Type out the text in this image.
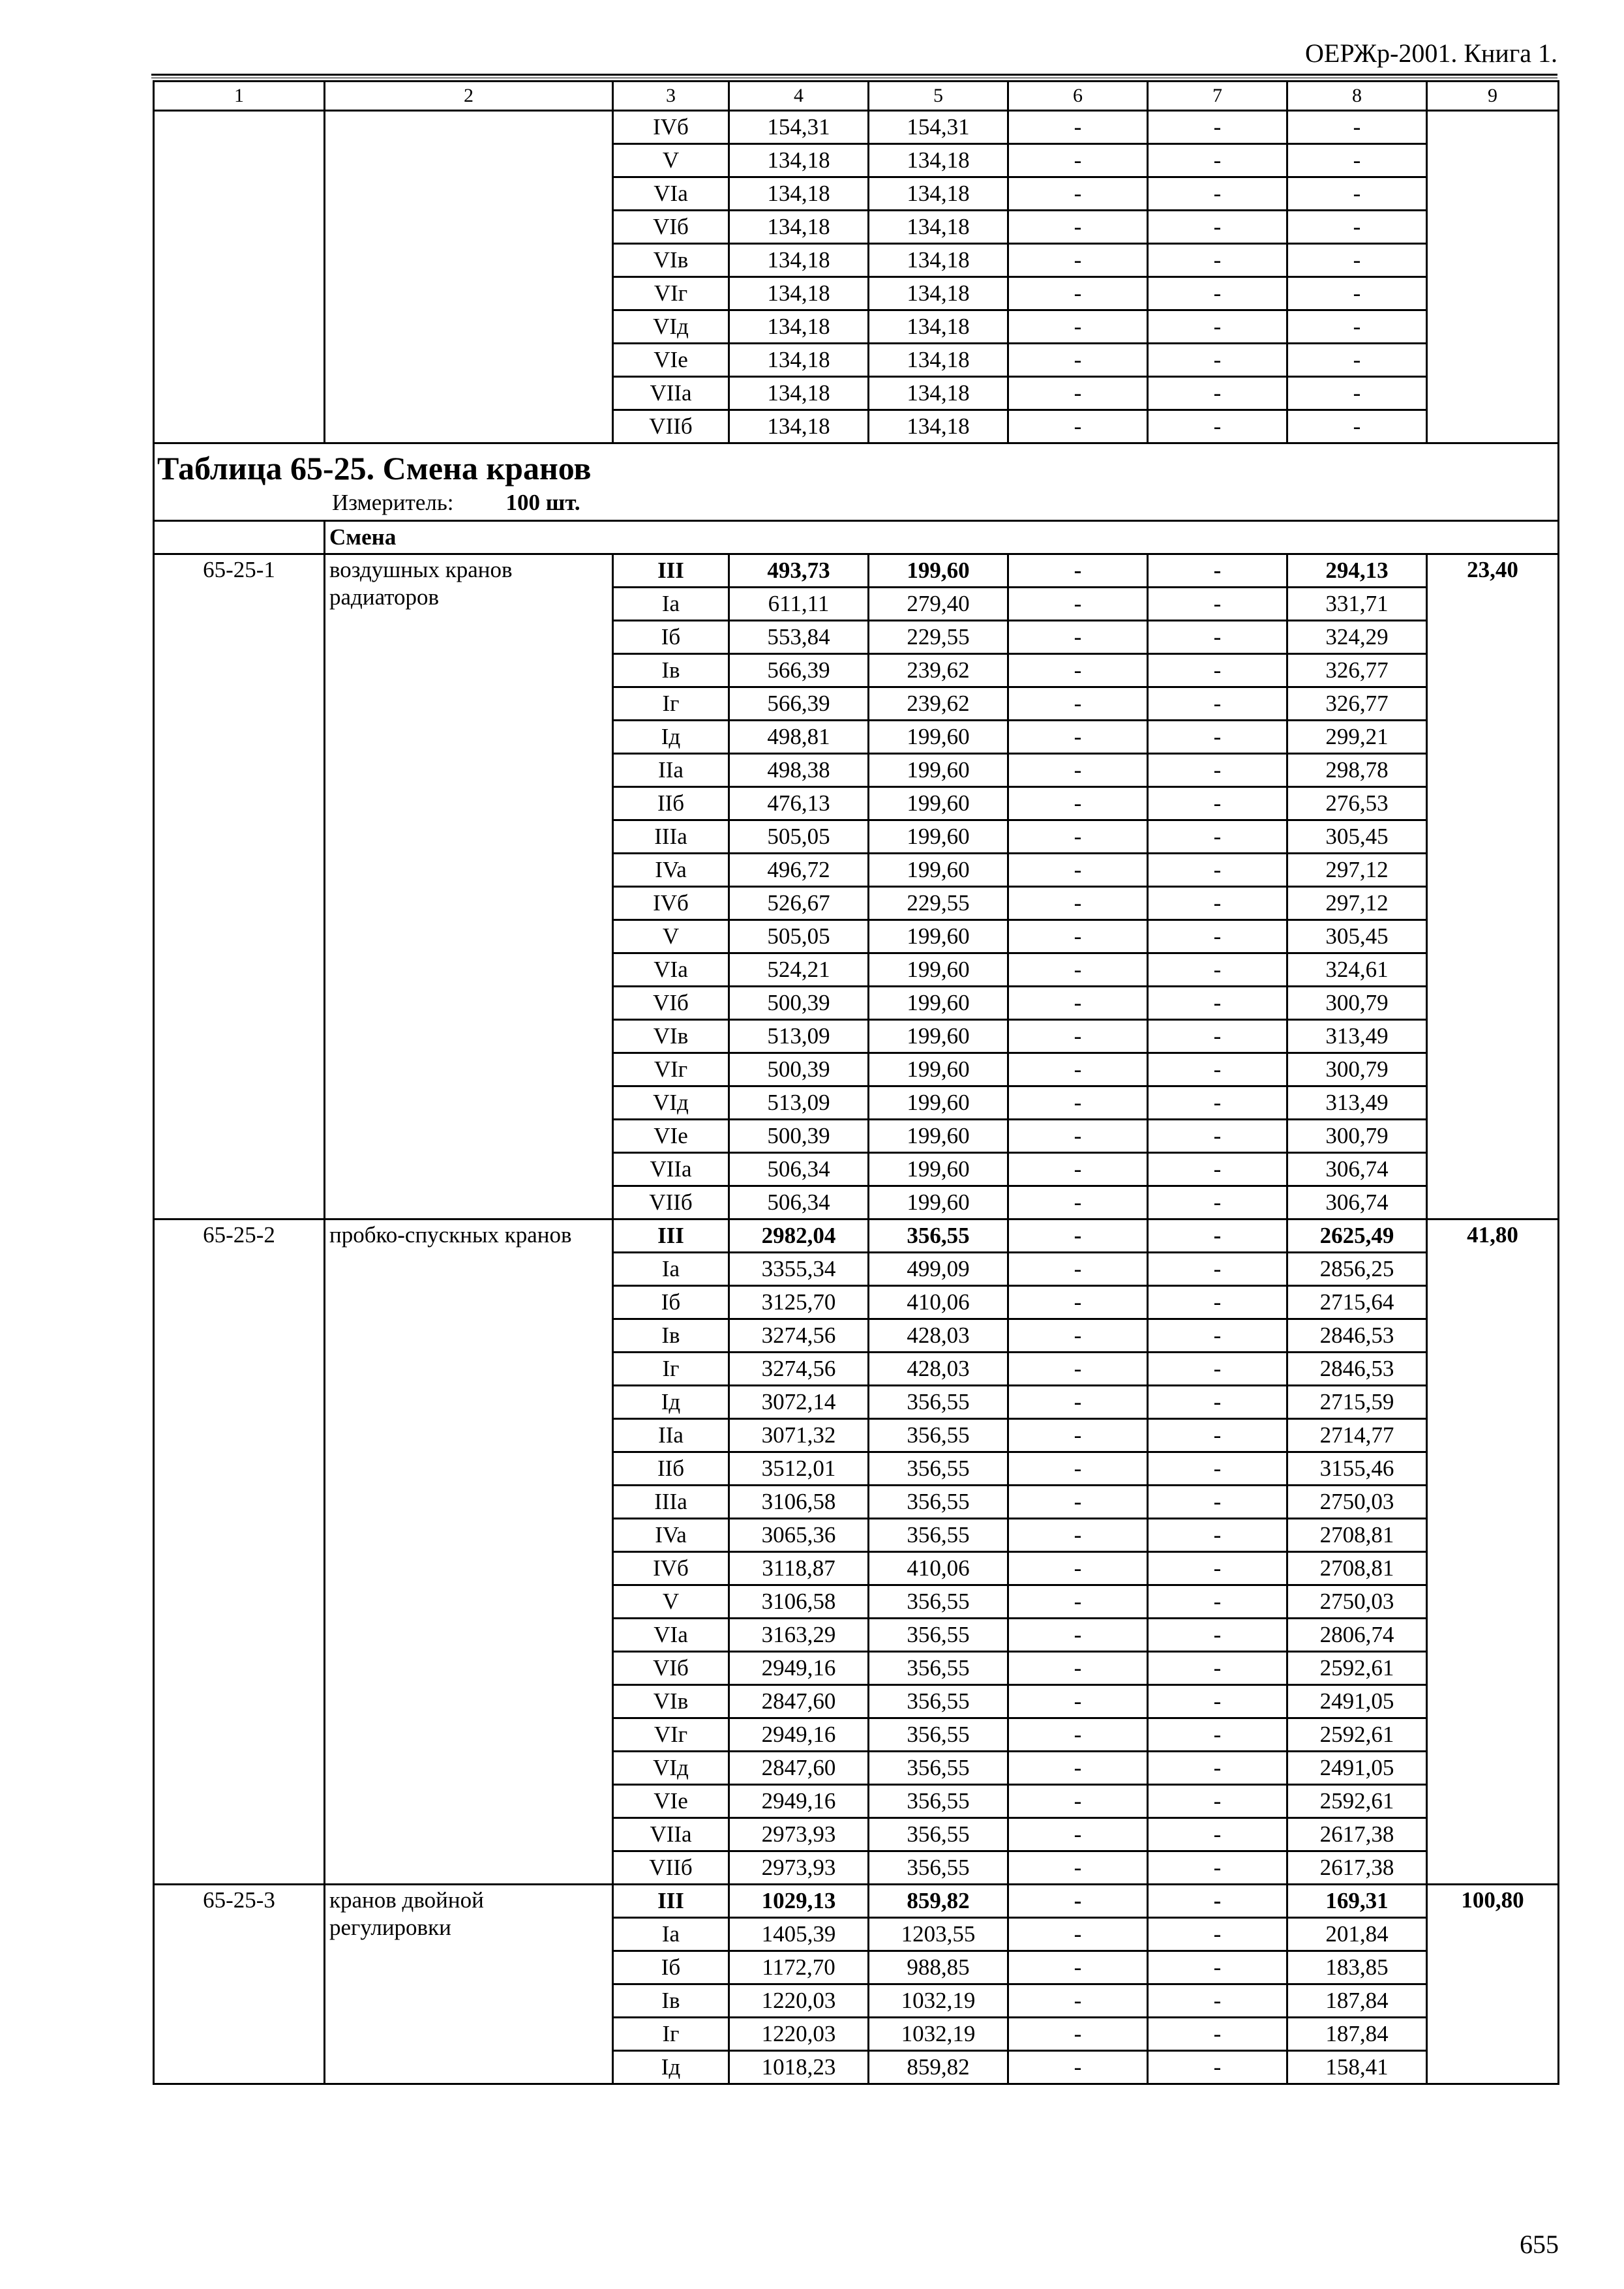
ОЕРЖр-2001. Книга 1.
1	2	3	4	5	6	7	8	9
		IVб	154,31	154,31	-	-	-	
		V	134,18	134,18	-	-	-	
		VIa	134,18	134,18	-	-	-	
		VIб	134,18	134,18	-	-	-	
		VIв	134,18	134,18	-	-	-	
		VIг	134,18	134,18	-	-	-	
		VIд	134,18	134,18	-	-	-	
		VIe	134,18	134,18	-	-	-	
		VIIa	134,18	134,18	-	-	-	
		VIIб	134,18	134,18	-	-	-	
Таблица 65-25. Смена кранов
Измеритель: 100 шт.								

	Смена							
65-25-1	воздушных кранов радиаторов	III	493,73	199,60	-	-	294,13	23,40
		Ia	611,11	279,40	-	-	331,71	
		Iб	553,84	229,55	-	-	324,29	
		Iв	566,39	239,62	-	-	326,77	
		Iг	566,39	239,62	-	-	326,77	
		Iд	498,81	199,60	-	-	299,21	
		IIa	498,38	199,60	-	-	298,78	
		IIб	476,13	199,60	-	-	276,53	
		IIIa	505,05	199,60	-	-	305,45	
		IVa	496,72	199,60	-	-	297,12	
		IVб	526,67	229,55	-	-	297,12	
		V	505,05	199,60	-	-	305,45	
		VIa	524,21	199,60	-	-	324,61	
		VIб	500,39	199,60	-	-	300,79	
		VIв	513,09	199,60	-	-	313,49	
		VIг	500,39	199,60	-	-	300,79	
		VIд	513,09	199,60	-	-	313,49	
		VIe	500,39	199,60	-	-	300,79	
		VIIa	506,34	199,60	-	-	306,74	
		VIIб	506,34	199,60	-	-	306,74	
65-25-2	пробко-спускных кранов	III	2982,04	356,55	-	-	2625,49	41,80
		Ia	3355,34	499,09	-	-	2856,25	
		Iб	3125,70	410,06	-	-	2715,64	
		Iв	3274,56	428,03	-	-	2846,53	
		Iг	3274,56	428,03	-	-	2846,53	
		Iд	3072,14	356,55	-	-	2715,59	
		IIa	3071,32	356,55	-	-	2714,77	
		IIб	3512,01	356,55	-	-	3155,46	
		IIIa	3106,58	356,55	-	-	2750,03	
		IVa	3065,36	356,55	-	-	2708,81	
		IVб	3118,87	410,06	-	-	2708,81	
		V	3106,58	356,55	-	-	2750,03	
		VIa	3163,29	356,55	-	-	2806,74	
		VIб	2949,16	356,55	-	-	2592,61	
		VIв	2847,60	356,55	-	-	2491,05	
		VIг	2949,16	356,55	-	-	2592,61	
		VIд	2847,60	356,55	-	-	2491,05	
		VIe	2949,16	356,55	-	-	2592,61	
		VIIa	2973,93	356,55	-	-	2617,38	
		VIIб	2973,93	356,55	-	-	2617,38	
65-25-3	кранов двойной регулировки	III	1029,13	859,82	-	-	169,31	100,80
		Ia	1405,39	1203,55	-	-	201,84	
		Iб	1172,70	988,85	-	-	183,85	
		Iв	1220,03	1032,19	-	-	187,84	
		Iг	1220,03	1032,19	-	-	187,84	
		Iд	1018,23	859,82	-	-	158,41	
655
